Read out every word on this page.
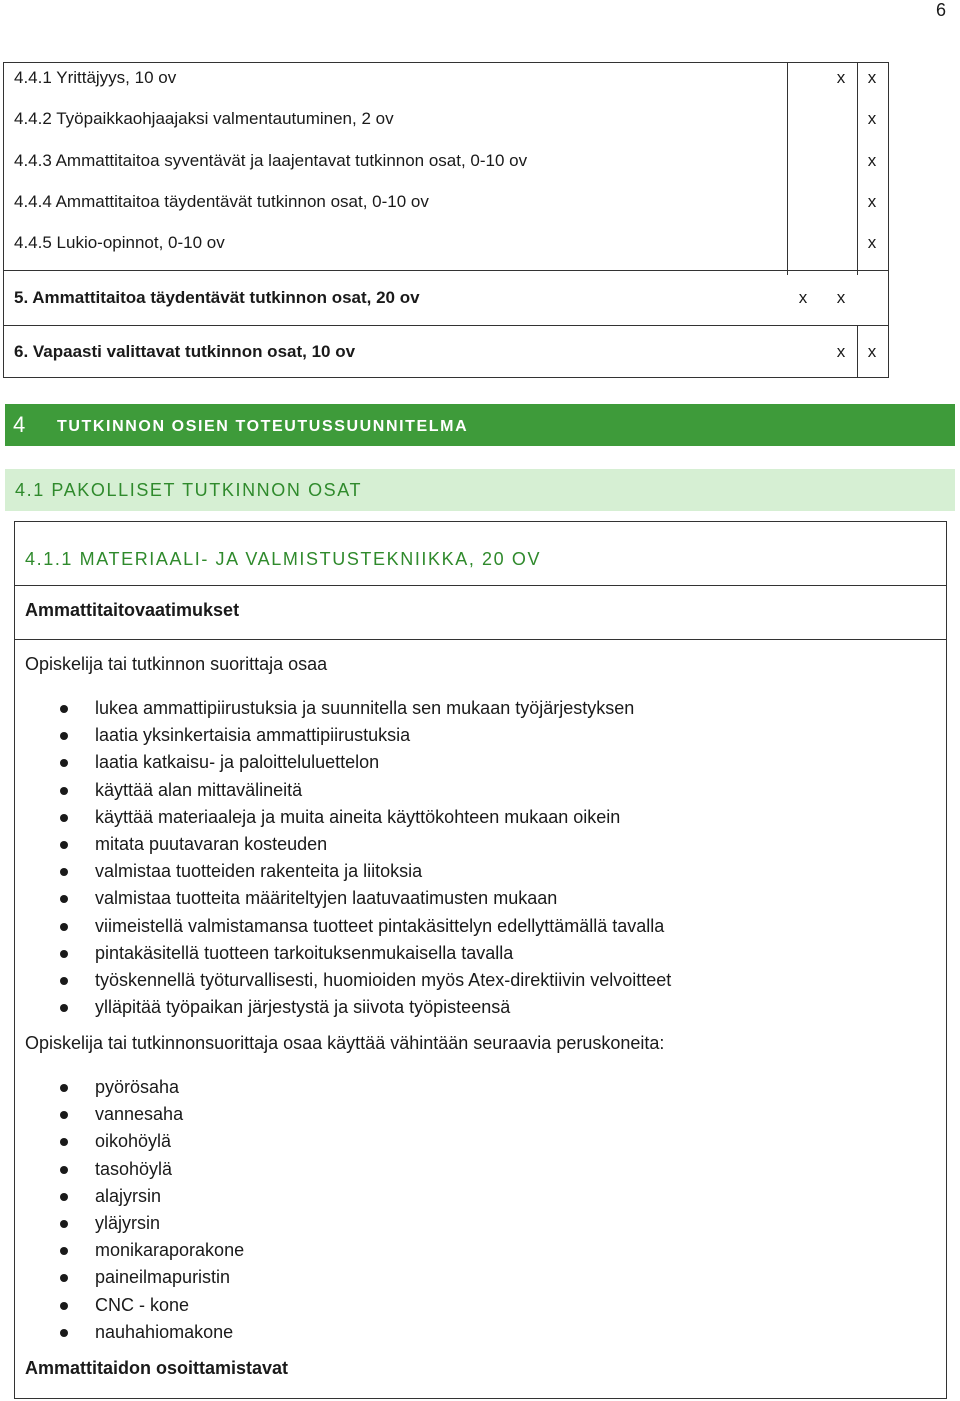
6
4.4.1 Yrittäjyys, 10 ov
4.4.2 Työpaikkaohjaajaksi valmentautuminen, 2 ov
4.4.3 Ammattitaitoa syventävät ja laajentavat tutkinnon osat, 0-10 ov
4.4.4 Ammattitaitoa täydentävät tutkinnon osat, 0-10 ov
4.4.5 Lukio-opinnot, 0-10 ov
5. Ammattitaitoa täydentävät tutkinnon osat, 20 ov
6. Vapaasti valittavat tutkinnon osat, 10 ov
x x
x
x
x
x
x x
x x
4 TUTKINNON OSIEN TOTEUTUSSUUNNITELMA
4.1 PAKOLLISET TUTKINNON OSAT
4.1.1 MATERIAALI- JA VALMISTUSTEKNIIKKA, 20 OV
Ammattitaitovaatimukset
Opiskelija tai tutkinnon suorittaja osaa
lukea ammattipiirustuksia ja suunnitella sen mukaan työjärjestyksen
laatia yksinkertaisia ammattipiirustuksia
laatia katkaisu- ja paloitteluluettelon
käyttää alan mittavälineitä
käyttää materiaaleja ja muita aineita käyttökohteen mukaan oikein
mitata puutavaran kosteuden
valmistaa tuotteiden rakenteita ja liitoksia
valmistaa tuotteita määriteltyjen laatuvaatimusten mukaan
viimeistellä valmistamansa tuotteet pintakäsittelyn edellyttämällä tavalla
pintakäsitellä tuotteen tarkoituksenmukaisella tavalla
työskennellä työturvallisesti, huomioiden myös Atex-direktiivin velvoitteet
ylläpitää työpaikan järjestystä ja siivota työpisteensä
Opiskelija tai tutkinnonsuorittaja osaa käyttää vähintään seuraavia peruskoneita:
pyörösaha
vannesaha
oikohöylä
tasohöylä
alajyrsin
yläjyrsin
monikaraporakone
paineilmapuristin
CNC - kone
nauhahiomakone
Ammattitaidon osoittamistavat
